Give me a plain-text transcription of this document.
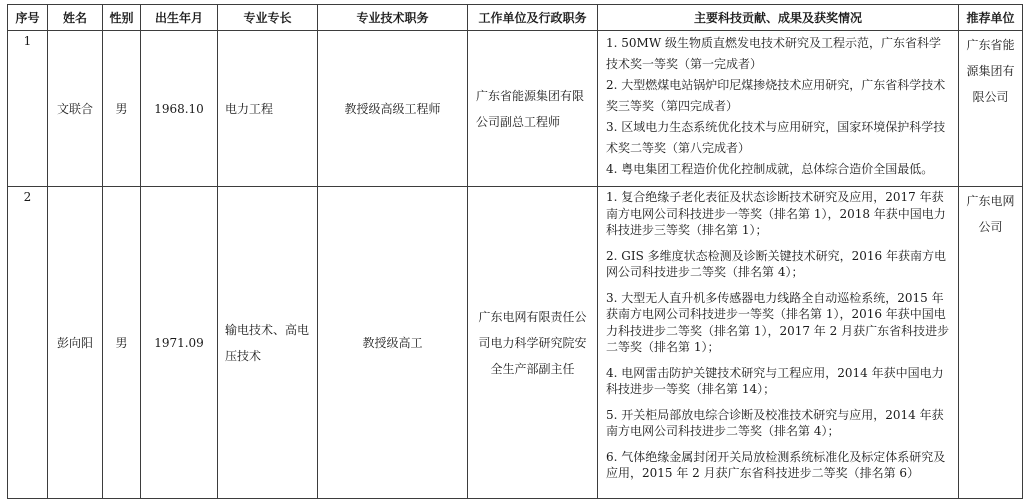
序号	姓名	性别	出生年月	专业专长	专业技术职务	工作单位及行政职务	主要科技贡献、成果及获奖情况	推荐单位
1	文联合	男	1968.10	电力工程	教授级高级工程师	广东省能源集团有限公司副总工程师	1. 50MW 级生物质直燃发电技术研究及工程示范，广东省科学技术奖一等奖（第一完成者）

2. 大型燃煤电站锅炉印尼煤掺烧技术应用研究，广东省科学技术奖三等奖（第四完成者）

3. 区域电力生态系统优化技术与应用研究，国家环境保护科学技术奖二等奖（第八完成者）

4. 粤电集团工程造价优化控制成就，总体综合造价全国最低。	广东省能源集团有限公司
2	彭向阳	男	1971.09	输电技术、高电压技术	教授级高工	广东电网有限责任公司电力科学研究院安全生产部副主任	

1. 复合绝缘子老化表征及状态诊断技术研究及应用，2017 年获南方电网公司科技进步一等奖（排名第 1），2018 年获中国电力科技进步三等奖（排名第 1）；

2. GIS 多维度状态检测及诊断关键技术研究，2016 年获南方电网公司科技进步二等奖（排名第 4）；

3. 大型无人直升机多传感器电力线路全自动巡检系统，2015 年获南方电网公司科技进步一等奖（排名第 1），2016 年获中国电力科技进步二等奖（排名第 1），2017 年 2 月获广东省科技进步二等奖（排名第 1）；

4. 电网雷击防护关键技术研究与工程应用，2014 年获中国电力科技进步一等奖（排名第 14）；

5. 开关柜局部放电综合诊断及校准技术研究与应用，2014 年获南方电网公司科技进步二等奖（排名第 4）；

6. 气体绝缘金属封闭开关局放检测系统标准化及标定体系研究及应用，2015 年 2 月获广东省科技进步二等奖（排名第 6）

	广东电网公司
